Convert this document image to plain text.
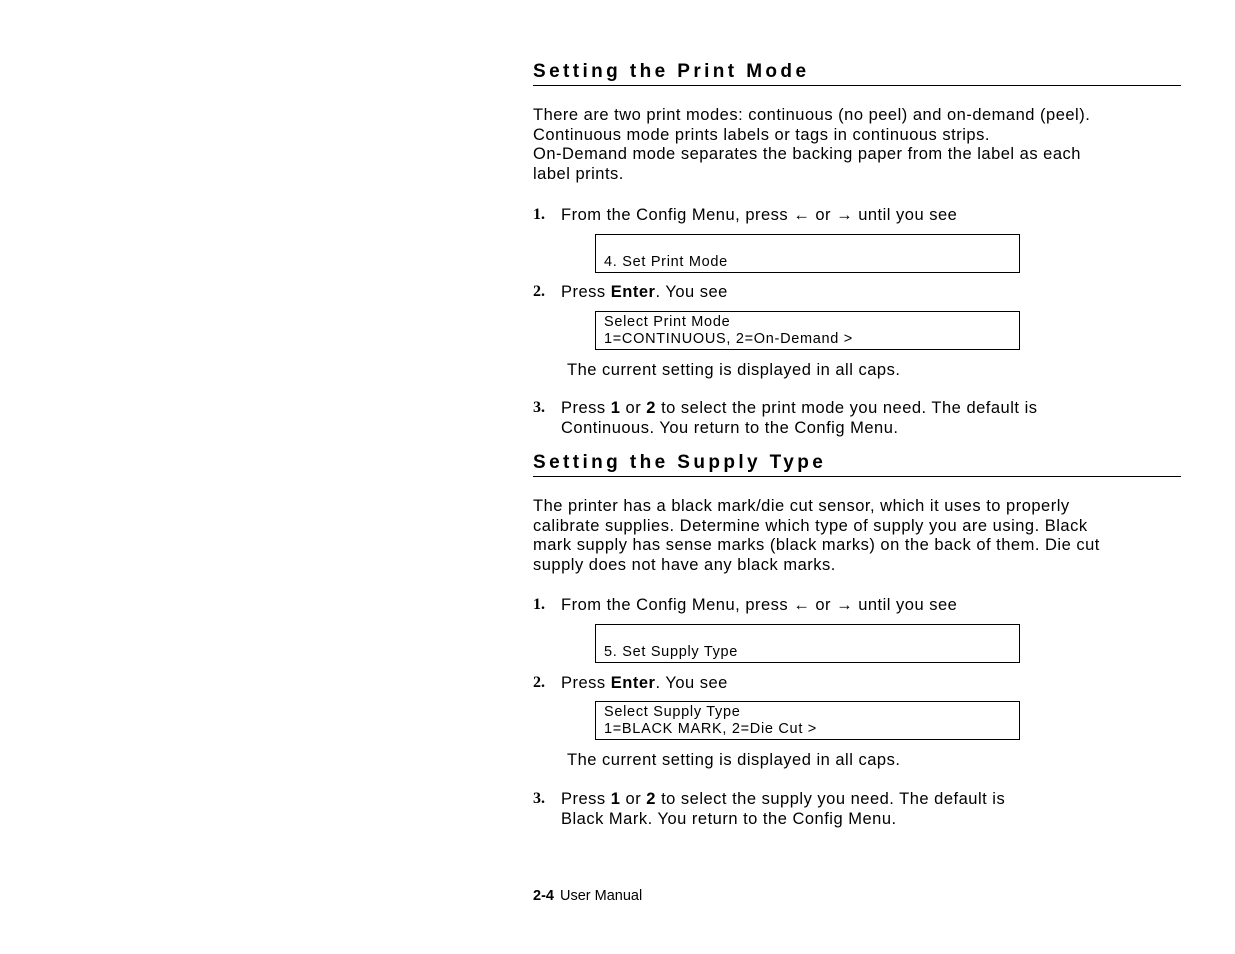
Setting the Print Mode
There are two print modes: continuous (no peel) and on-demand (peel).
Continuous mode prints labels or tags in continuous strips.
On-Demand mode separates the backing paper from the label as each
label prints.
1. From the Config Menu, press ← or → until you see
4. Set Print Mode
2. Press Enter. You see
Select Print Mode
1=CONTINUOUS, 2=On-Demand >
The current setting is displayed in all caps.
3. Press 1 or 2 to select the print mode you need. The default is
Continuous. You return to the Config Menu.
Setting the Supply Type
The printer has a black mark/die cut sensor, which it uses to properly
calibrate supplies. Determine which type of supply you are using. Black
mark supply has sense marks (black marks) on the back of them. Die cut
supply does not have any black marks.
1. From the Config Menu, press ← or → until you see
5. Set Supply Type
2. Press Enter. You see
Select Supply Type
1=BLACK MARK, 2=Die Cut >
The current setting is displayed in all caps.
3. Press 1 or 2 to select the supply you need. The default is
Black Mark. You return to the Config Menu.
2-4 User Manual
